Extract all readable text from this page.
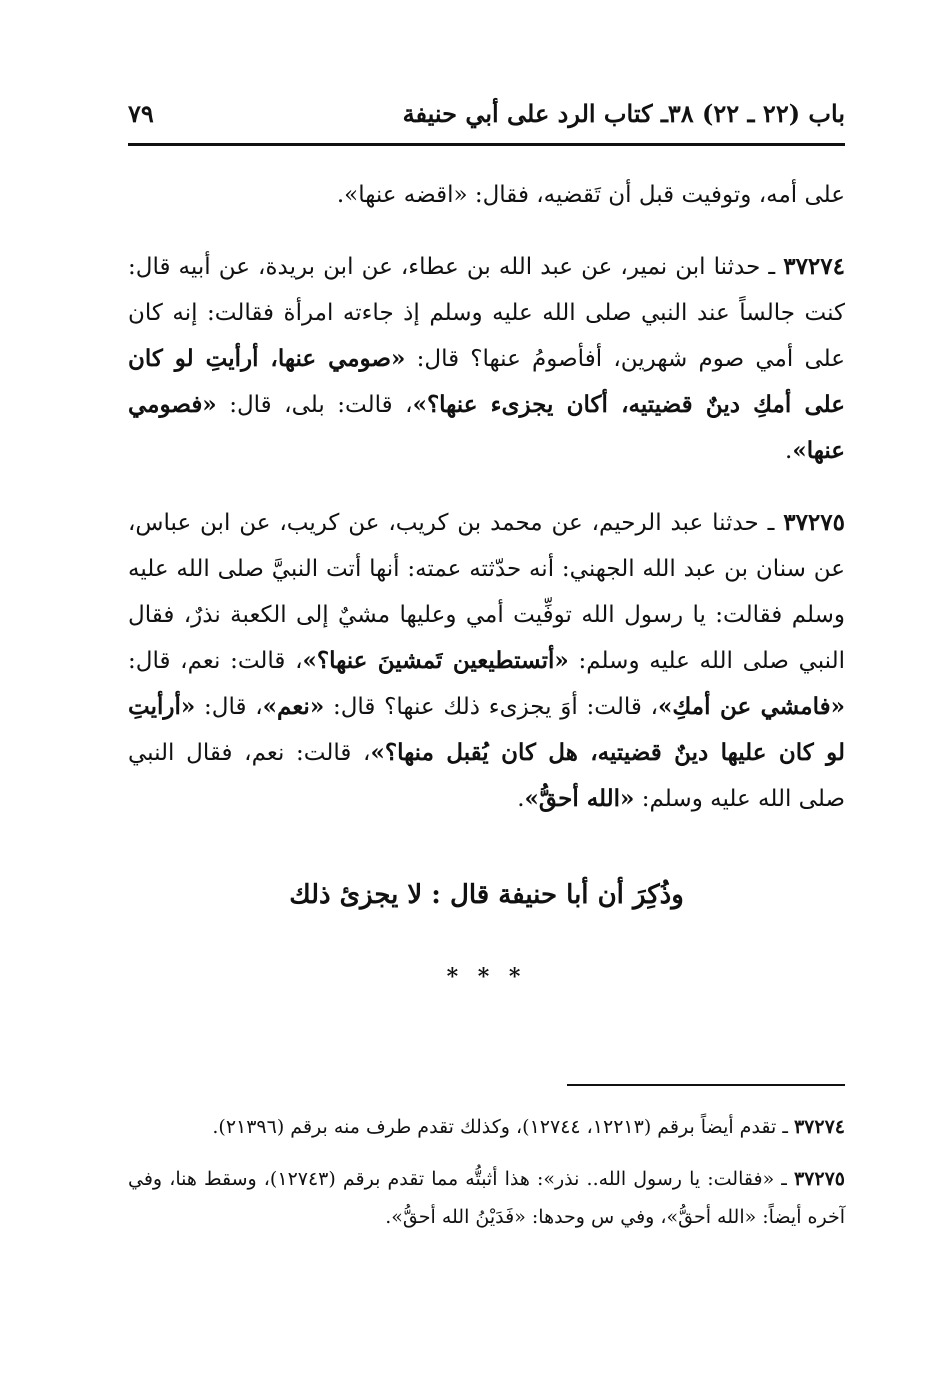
باب (٢٢ ـ ٢٢) ٣٨ـ كتاب الرد على أبي حنيفة
٧٩

على أمه، وتوفيت قبل أن تَقضيه، فقال: «اقضه عنها».

٣٧٢٧٤ ـ حدثنا ابن نمير، عن عبد الله بن عطاء، عن ابن بريدة، عن أبيه قال: كنت جالساً عند النبي صلى الله عليه وسلم إذ جاءته امرأة فقالت: إنه كان على أمي صوم شهرين، أفأصومُ عنها؟ قال: «صومي عنها، أرأيتِ لو كان على أمكِ دينٌ قضيتيه، أكان يجزىء عنها؟»، قالت: بلى، قال: «فصومي عنها».

٣٧٢٧٥ ـ حدثنا عبد الرحيم، عن محمد بن كريب، عن كريب، عن ابن عباس، عن سنان بن عبد الله الجهني: أنه حدّثته عمته: أنها أتت النبيَّ صلى الله عليه وسلم فقالت: يا رسول الله توفِّيت أمي وعليها مشيٌ إلى الكعبة نذرٌ، فقال النبي صلى الله عليه وسلم: «أتستطيعين تَمشينَ عنها؟»، قالت: نعم، قال: «فامشي عن أمكِ»، قالت: أوَ يجزىء ذلك عنها؟ قال: «نعم»، قال: «أرأيتِ لو كان عليها دينٌ قضيتيه، هل كان يُقبل منها؟»، قالت: نعم، فقال النبي صلى الله عليه وسلم: «الله أحقُّ».

وذُكِرَ أن أبا حنيفة قال : لا يجزئ ذلك
* * *

٣٧٢٧٤ ـ تقدم أيضاً برقم (١٢٢١٣، ١٢٧٤٤)، وكذلك تقدم طرف منه برقم (٢١٣٩٦).

٣٧٢٧٥ ـ «فقالت: يا رسول الله.. نذر»: هذا أثبتُّه مما تقدم برقم (١٢٧٤٣)، وسقط هنا، وفي آخره أيضاً: «الله أحقُّ»، وفي س وحدها: «فَدَيْنُ الله أحقُّ».
